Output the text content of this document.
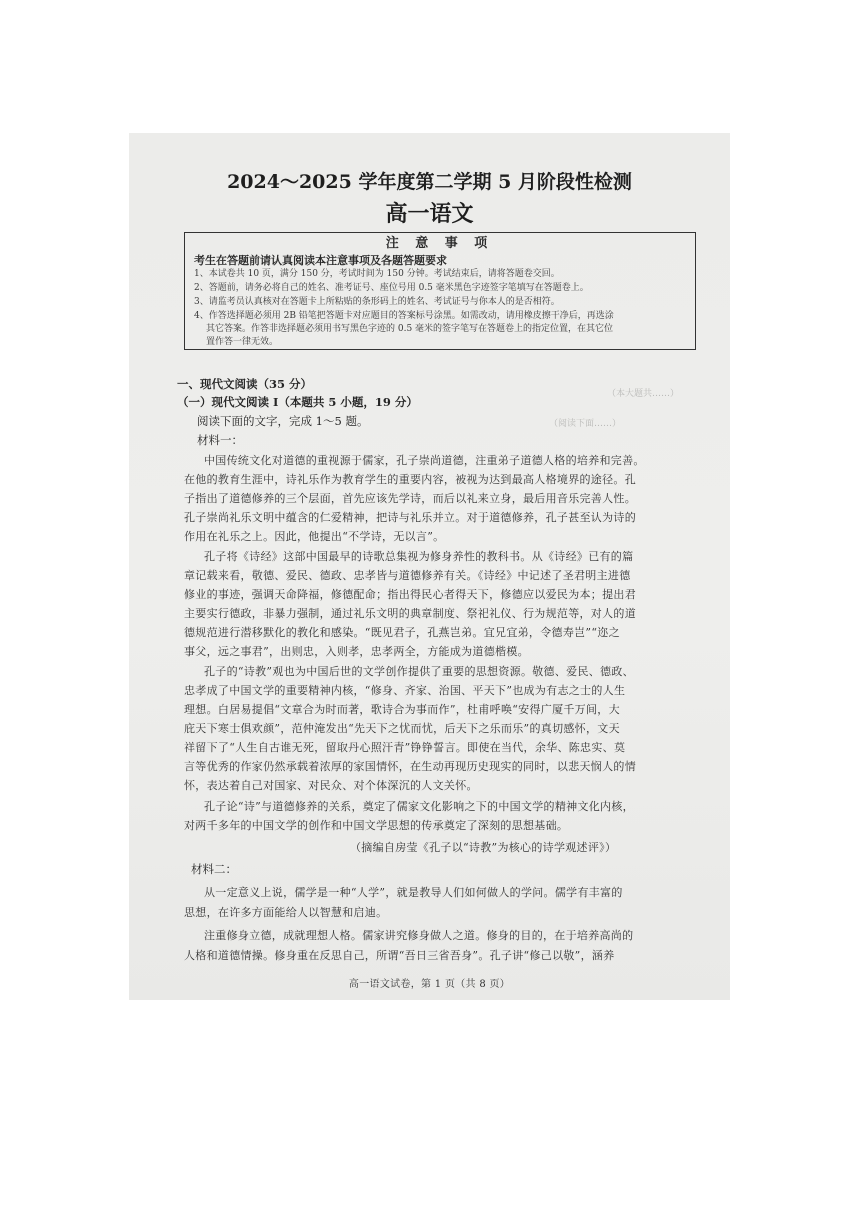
（本大题共……）
（阅读下面……）
2024～2025 学年度第二学期 5 月阶段性检测
高一语文
注 意 事 项
考生在答题前请认真阅读本注意事项及各题答题要求
1、本试卷共 10 页，满分 150 分，考试时间为 150 分钟。考试结束后，请将答题卷交回。
2、答题前，请务必将自己的姓名、准考证号、座位号用 0.5 毫米黑色字迹签字笔填写在答题卷上。
3、请监考员认真核对在答题卡上所粘贴的条形码上的姓名、考试证号与你本人的是否相符。
4、作答选择题必须用 2B 铅笔把答题卡对应题目的答案标号涂黑。如需改动，请用橡皮擦干净后，再选涂
其它答案。作答非选择题必须用书写黑色字迹的 0.5 毫米的签字笔写在答题卷上的指定位置，在其它位
置作答一律无效。
一、现代文阅读（35 分）
（一）现代文阅读 I（本题共 5 小题，19 分）
阅读下面的文字，完成 1～5 题。
材料一：
中国传统文化对道德的重视源于儒家，孔子崇尚道德，注重弟子道德人格的培养和完善。
在他的教育生涯中，诗礼乐作为教育学生的重要内容，被视为达到最高人格境界的途径。孔
子指出了道德修养的三个层面，首先应该先学诗，而后以礼来立身，最后用音乐完善人性。
孔子崇尚礼乐文明中蕴含的仁爱精神，把诗与礼乐并立。对于道德修养，孔子甚至认为诗的
作用在礼乐之上。因此，他提出“不学诗，无以言”。
孔子将《诗经》这部中国最早的诗歌总集视为修身养性的教科书。从《诗经》已有的篇
章记载来看，敬德、爱民、德政、忠孝皆与道德修养有关。《诗经》中记述了圣君明主进德
修业的事迹，强调天命降福，修德配命；指出得民心者得天下，修德应以爱民为本；提出君
主要实行德政，非暴力强制，通过礼乐文明的典章制度、祭祀礼仪、行为规范等，对人的道
德规范进行潜移默化的教化和感染。“既见君子，孔燕岂弟。宜兄宜弟，令德寿岂”“迩之
事父，远之事君”，出则忠，入则孝，忠孝两全，方能成为道德楷模。
孔子的“诗教”观也为中国后世的文学创作提供了重要的思想资源。敬德、爱民、德政、
忠孝成了中国文学的重要精神内核，“修身、齐家、治国、平天下”也成为有志之士的人生
理想。白居易提倡“文章合为时而著，歌诗合为事而作”，杜甫呼唤“安得广厦千万间，大
庇天下寒士俱欢颜”，范仲淹发出“先天下之忧而忧，后天下之乐而乐”的真切感怀，文天
祥留下了“人生自古谁无死，留取丹心照汗青”铮铮誓言。即使在当代，余华、陈忠实、莫
言等优秀的作家仍然承载着浓厚的家国情怀，在生动再现历史现实的同时，以悲天悯人的情
怀，表达着自己对国家、对民众、对个体深沉的人文关怀。
孔子论“诗”与道德修养的关系，奠定了儒家文化影响之下的中国文学的精神文化内核，
对两千多年的中国文学的创作和中国文学思想的传承奠定了深刻的思想基础。
（摘编自房莹《孔子以“诗教”为核心的诗学观述评》）
材料二：
从一定意义上说，儒学是一种“人学”，就是教导人们如何做人的学问。儒学有丰富的
思想，在许多方面能给人以智慧和启迪。
注重修身立德，成就理想人格。儒家讲究修身做人之道。修身的目的，在于培养高尚的
人格和道德情操。修身重在反思自己，所谓“吾日三省吾身”。孔子讲“修己以敬”，涵养
高一语文试卷，第 1 页（共 8 页）
